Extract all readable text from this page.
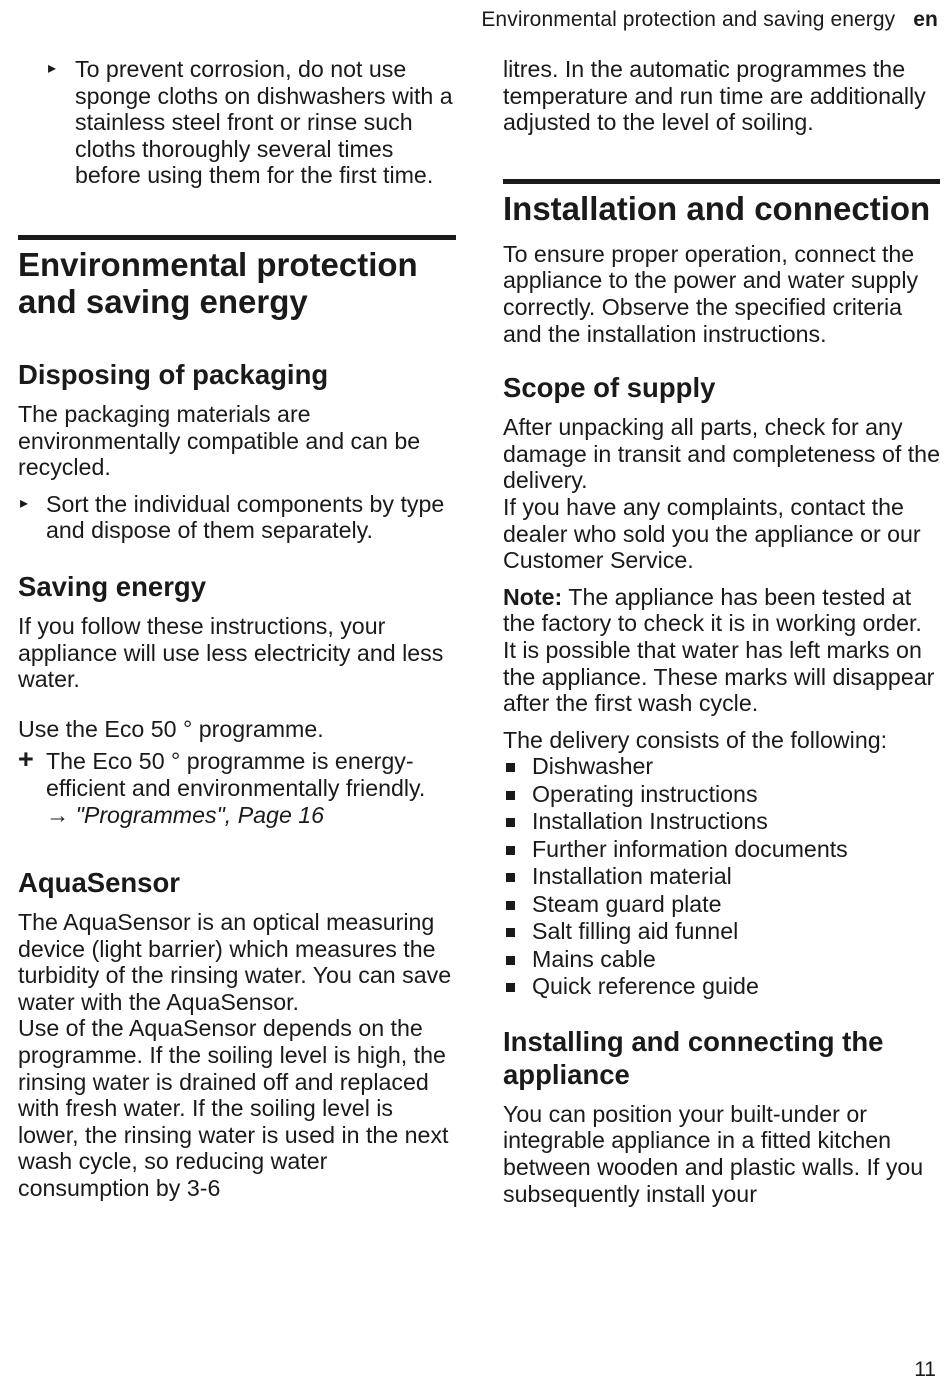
Environmental protection and saving energy en
▸ To prevent corrosion, do not use sponge cloths on dishwashers with a stainless steel front or rinse such cloths thoroughly several times before using them for the first time.
Environmental protection and saving energy
Disposing of packaging

The packaging materials are environmentally compatible and can be recycled.

▸ Sort the individual components by type and dispose of them separately.
Saving energy

If you follow these instructions, your appliance will use less electricity and less water.

Use the Eco 50 ° programme.

+ The Eco 50 ° programme is energy-efficient and environmentally friendly.
→ "Programmes", Page 16
AquaSensor

The AquaSensor is an optical measuring device (light barrier) which measures the turbidity of the rinsing water. You can save water with the AquaSensor.

Use of the AquaSensor depends on the programme. If the soiling level is high, the rinsing water is drained off and replaced with fresh water. If the soiling level is lower, the rinsing water is used in the next wash cycle, so reducing water consumption by 3-6

litres. In the automatic programmes the temperature and run time are additionally adjusted to the level of soiling.

Installation and connection

To ensure proper operation, connect the appliance to the power and water supply correctly. Observe the specified criteria and the installation instructions.

Scope of supply

After unpacking all parts, check for any damage in transit and completeness of the delivery.

If you have any complaints, contact the dealer who sold you the appliance or our Customer Service.

Note: The appliance has been tested at the factory to check it is in working order. It is possible that water has left marks on the appliance. These marks will disappear after the first wash cycle.

The delivery consists of the following:

Dishwasher
Operating instructions
Installation Instructions
Further information documents
Installation material
Steam guard plate
Salt filling aid funnel
Mains cable
Quick reference guide
Installing and connecting the appliance

You can position your built-under or integrable appliance in a fitted kitchen between wooden and plastic walls. If you subsequently install your

11
